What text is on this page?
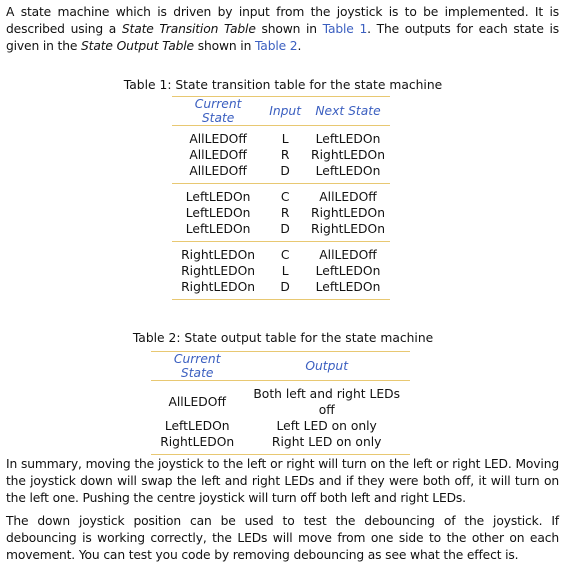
A state machine which is driven by input from the joystick is to be implemented. It is described using a State Transition Table shown in Table 1. The outputs for each state is given in the State Output Table shown in Table 2.

Table 1: State transition table for the state machine
Current State	Input	Next State
AllLEDOff	L	LeftLEDOn
AllLEDOff	R	RightLEDOn
AllLEDOff	D	LeftLEDOn
LeftLEDOn	C	AllLEDOff
LeftLEDOn	R	RightLEDOn
LeftLEDOn	D	RightLEDOn
RightLEDOn	C	AllLEDOff
RightLEDOn	L	LeftLEDOn
RightLEDOn	D	LeftLEDOn
Table 2: State output table for the state machine
Current State	Output
AllLEDOff	Both left and right LEDs off
LeftLEDOn	Left LED on only
RightLEDOn	Right LED on only

In summary, moving the joystick to the left or right will turn on the left or right LED. Moving the joystick down will swap the left and right LEDs and if they were both off, it will turn on the left one. Pushing the centre joystick will turn off both left and right LEDs.

The down joystick position can be used to test the debouncing of the joystick. If debouncing is working correctly, the LEDs will move from one side to the other on each movement. You can test you code by removing debouncing as see what the effect is.
